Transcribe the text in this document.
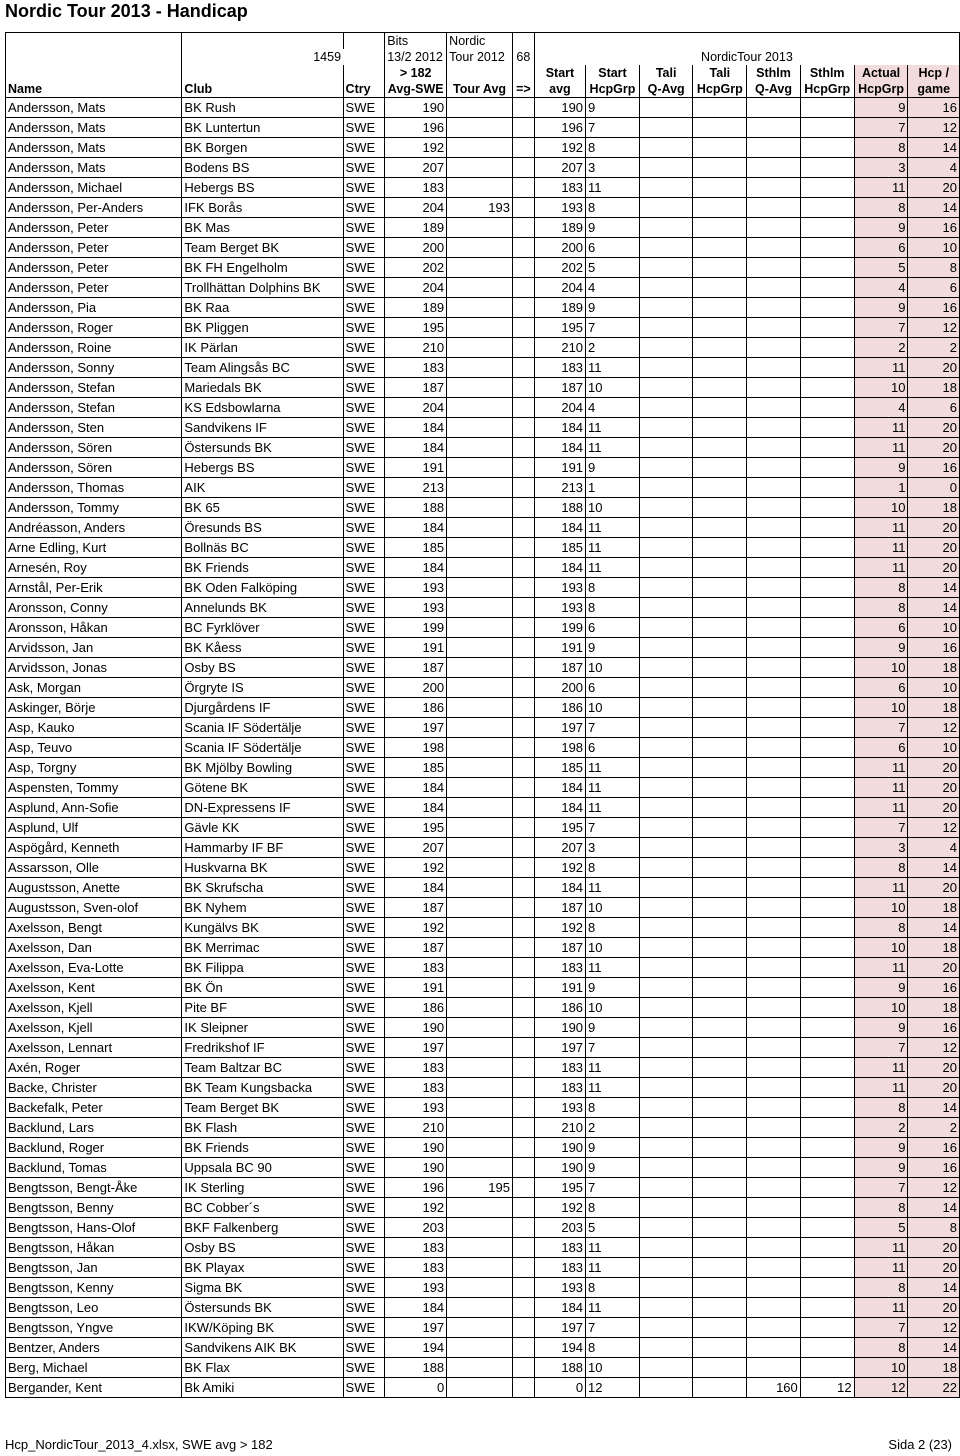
Nordic Tour 2013 - Handicap
			Bits	Nordic									
	1459		13/2 2012	Tour 2012	68	NordicTour 2013							
			> 182			Start	Start	Tali	Tali	Sthlm	Sthlm	Actual	Hcp /
Name	Club	Ctry	Avg-SWE	Tour Avg	=>	avg	HcpGrp	Q-Avg	HcpGrp	Q-Avg	HcpGrp	HcpGrp	game
Andersson, Mats	BK Rush	SWE	190			190	9					9	16
Andersson, Mats	BK Luntertun	SWE	196			196	7					7	12
Andersson, Mats	BK Borgen	SWE	192			192	8					8	14
Andersson, Mats	Bodens BS	SWE	207			207	3					3	4
Andersson, Michael	Hebergs BS	SWE	183			183	11					11	20
Andersson, Per-Anders	IFK Borås	SWE	204	193		193	8					8	14
Andersson, Peter	BK Mas	SWE	189			189	9					9	16
Andersson, Peter	Team Berget BK	SWE	200			200	6					6	10
Andersson, Peter	BK FH Engelholm	SWE	202			202	5					5	8
Andersson, Peter	Trollhättan Dolphins BK	SWE	204			204	4					4	6
Andersson, Pia	BK Raa	SWE	189			189	9					9	16
Andersson, Roger	BK Pliggen	SWE	195			195	7					7	12
Andersson, Roine	IK Pärlan	SWE	210			210	2					2	2
Andersson, Sonny	Team Alingsås BC	SWE	183			183	11					11	20
Andersson, Stefan	Mariedals BK	SWE	187			187	10					10	18
Andersson, Stefan	KS Edsbowlarna	SWE	204			204	4					4	6
Andersson, Sten	Sandvikens IF	SWE	184			184	11					11	20
Andersson, Sören	Östersunds BK	SWE	184			184	11					11	20
Andersson, Sören	Hebergs BS	SWE	191			191	9					9	16
Andersson, Thomas	AIK	SWE	213			213	1					1	0
Andersson, Tommy	BK 65	SWE	188			188	10					10	18
Andréasson, Anders	Öresunds BS	SWE	184			184	11					11	20
Arne Edling, Kurt	Bollnäs BC	SWE	185			185	11					11	20
Arnesén, Roy	BK Friends	SWE	184			184	11					11	20
Arnstål, Per-Erik	BK Oden Falköping	SWE	193			193	8					8	14
Aronsson, Conny	Annelunds BK	SWE	193			193	8					8	14
Aronsson, Håkan	BC Fyrklöver	SWE	199			199	6					6	10
Arvidsson, Jan	BK Kåess	SWE	191			191	9					9	16
Arvidsson, Jonas	Osby BS	SWE	187			187	10					10	18
Ask, Morgan	Örgryte IS	SWE	200			200	6					6	10
Askinger, Börje	Djurgårdens IF	SWE	186			186	10					10	18
Asp, Kauko	Scania IF Södertälje	SWE	197			197	7					7	12
Asp, Teuvo	Scania IF Södertälje	SWE	198			198	6					6	10
Asp, Torgny	BK Mjölby Bowling	SWE	185			185	11					11	20
Aspensten, Tommy	Götene BK	SWE	184			184	11					11	20
Asplund, Ann-Sofie	DN-Expressens IF	SWE	184			184	11					11	20
Asplund, Ulf	Gävle KK	SWE	195			195	7					7	12
Aspögård, Kenneth	Hammarby IF BF	SWE	207			207	3					3	4
Assarsson, Olle	Huskvarna BK	SWE	192			192	8					8	14
Augustsson, Anette	BK Skrufscha	SWE	184			184	11					11	20
Augustsson, Sven-olof	BK Nyhem	SWE	187			187	10					10	18
Axelsson, Bengt	Kungälvs BK	SWE	192			192	8					8	14
Axelsson, Dan	BK Merrimac	SWE	187			187	10					10	18
Axelsson, Eva-Lotte	BK Filippa	SWE	183			183	11					11	20
Axelsson, Kent	BK Ön	SWE	191			191	9					9	16
Axelsson, Kjell	Pite BF	SWE	186			186	10					10	18
Axelsson, Kjell	IK Sleipner	SWE	190			190	9					9	16
Axelsson, Lennart	Fredrikshof IF	SWE	197			197	7					7	12
Axén, Roger	Team Baltzar BC	SWE	183			183	11					11	20
Backe, Christer	BK Team Kungsbacka	SWE	183			183	11					11	20
Backefalk, Peter	Team Berget BK	SWE	193			193	8					8	14
Backlund, Lars	BK Flash	SWE	210			210	2					2	2
Backlund, Roger	BK Friends	SWE	190			190	9					9	16
Backlund, Tomas	Uppsala BC 90	SWE	190			190	9					9	16
Bengtsson, Bengt-Åke	IK Sterling	SWE	196	195		195	7					7	12
Bengtsson, Benny	BC Cobber´s	SWE	192			192	8					8	14
Bengtsson, Hans-Olof	BKF Falkenberg	SWE	203			203	5					5	8
Bengtsson, Håkan	Osby BS	SWE	183			183	11					11	20
Bengtsson, Jan	BK Playax	SWE	183			183	11					11	20
Bengtsson, Kenny	Sigma BK	SWE	193			193	8					8	14
Bengtsson, Leo	Östersunds BK	SWE	184			184	11					11	20
Bengtsson, Yngve	IKW/Köping BK	SWE	197			197	7					7	12
Bentzer, Anders	Sandvikens AIK BK	SWE	194			194	8					8	14
Berg, Michael	BK Flax	SWE	188			188	10					10	18
Bergander, Kent	Bk Amiki	SWE	0			0	12			160	12	12	22
Hcp_NordicTour_2013_4.xlsx, SWE avg > 182	Sida 2 (23)
